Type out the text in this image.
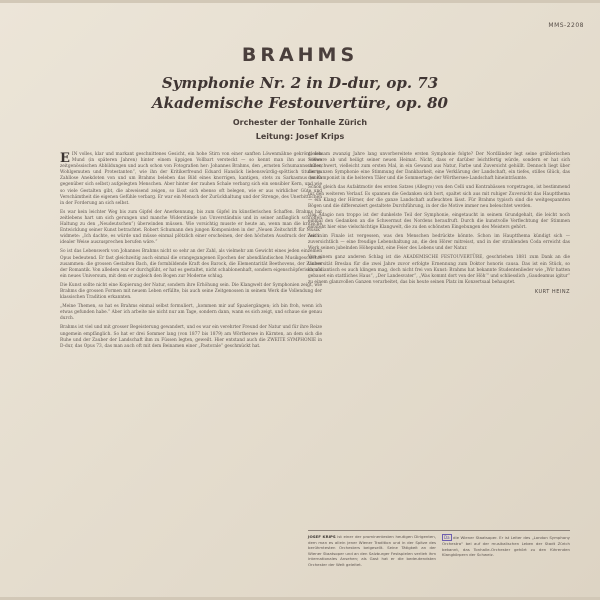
MMS-2208
BRAHMS
Symphonie Nr. 2 in D-dur, op. 73
Akademische Festouvertüre, op. 80
Orchester der Tonhalle Zürich
Leitung: Josef Krips

EIN volles, klar und markant geschnittenes Gesicht, ein hohe Stirn von einer sanften Löwenmähne gekrönt, den Mund (in späteren Jahren) hinter einem üppigen Vollbart versteckt — so kennt man ihn aus vielen zeitgenössischen Abbildungen und auch schon von Fotografien her: Johannes Brahms, den „ernsten Schumannschüler, Wohlgemuten und Protestanten“, wie ihn der Kritikerfreund Eduard Hanslick liebenswürdig-spöttisch titulierte. Zahllose Anekdoten von und um Brahms beleben das Bild eines knorrigen, kantigen, stets zu Sarkasmus (auch gegenüber sich selbst) aufgelegten Menschen. Aber hinter der rauhen Schale verbarg sich ein sensibler Kern, und wie so viele Gestalten gibt, die abweisend zeigen, so lässt sich ebenso oft belegen, wie er aus wirklicher Güte und Verschämtheit die eigenen Gefühle verbarg. Er war ein Mensch der Zurückhaltung und der Strenge, des Unerbittlichen in der Forderung an sich selbst.

Es war kein leichter Weg bis zum Gipfel der Anerkennung, bis zum Gipfel im künstlerischen Schaffen. Brahms hat zeitlebens hart um sich gerungen und manche Widerstände (an Unverständnis und in seiner anfänglich schroffen Haltung zu den „Neudeutschen“) überwinden müssen. Wie vorsichtig musste er heute an, wenn man die kritische Entwicklung seiner Kunst betrachtet. Robert Schumann den jungen Komponisten in der „Neuen Zeitschrift für Musik“ widmete: „Ich dachte, es würde und müsse einmal plötzlich einer erscheinen, der den höchsten Ausdruck der Zeit in idealer Weise auszusprechen berufen wäre.“

So ist das Lebenswerk von Johannes Brahms nicht so sehr an der Zahl, als vielmehr am Gewicht eines jeden einzelnen Opus bedeutend. Er fast gleichzeitig auch einmal die orangegangenen Epochen der abendländischen Musikgeschichte zusammen: die grossen Gestalten Bach, die formbildende Kraft des Barock, die Elementarität Beethovens, der Zauber der Romantik. Von alledem war er durchglüht, er hat es gestaltet, nicht schablonenhaft, sondern eigenschöpferisch, als ein neues Universum, mit dem er zugleich den Bogen zur Moderne schlug.

Die Kunst sollte nicht eine Kopierung der Natur, sondern ihre Erhöhung sein. Die Klangwelt der Symphonien zeigt, wie Brahms die grossen Formen mit neuem Leben erfüllte, bis auch seine Zeitgenossen in seinem Werk die Vollendung der klassischen Tradition erkannten.

„Meine Themen, so hat es Brahms einmal selbst formuliert, „kommen mir auf Spaziergängen; ich bin froh, wenn ich etwas gefunden habe.“ Aber ich arbeite nie nicht nur am Tage, sondern dann, wann es sich zeigt, und schaue sie genau durch.

Brahms ist viel und mit grosser Begeisterung gewandert, und es war ein verehrter Freund der Natur und für ihre Reize ungemein empfänglich. So hat er drei Sommer lang (von 1877 bis 1879) am Wörthersee in Kärnten, an dem sich die Ruhe und der Zauber der Landschaft ihm zu Füssen legten, geweilt. Hier entstand auch die ZWEITE SYMPHONIE in D-dur, das Opus 73, das man auch oft mit dem Beinamen einer „Pastorale“ geschmückt hat.

gleichsam zwanzig Jahre lang unvorbereitete ersten Symphonie folgte? Der Nordländer legt seine grüblerischen Schwere ab und heiligt seiner neuen Heimat. Nicht, dass er darüber leichtfertig würde, sondern er hat sich unbeschwert, vielleicht zum ersten Mal, in ein Gewand aus Natur, Farbe und Zuversicht gehüllt. Dennoch liegt über der ganzen Symphonie eine Stimmung der Dankbarkeit, eine Verklärung der Landschaft, ein tiefes, stilles Glück, das der Komponist in die heiteren Täler und die Sommertage der Wörthersee-Landschaft hineinträumte.

Schon gleich das Aufaktmotiv des ersten Satzes (Allegro) von den Celli und Kontrabässen vorgetragen, ist bestimmend für den weiteren Verlauf. Es spannen die Gedanken sich bort, spaltet sich aus mit ruhiger Zuversicht das Hauptthema — ein Klang der Hörner, der die ganze Landschaft aufleuchten lässt. Für Brahms typisch sind die weitgespannten Bögen und die differenziert gestaltete Durchführung, in der die Motive immer neu beleuchtet werden.

Das Adagio non troppo ist der dunkelste Teil der Symphonie, eingetaucht in seinem Grundgehalt, die leicht noch einmal den Gedanken an die Schwermut des Nordens heraufruft. Durch die kunstvolle Verflechtung der Stimmen entsteht hier eine vielschichtige Klangwelt, die zu den schönsten Eingebungen des Meisters gehört.

Auch im Finale ist vergessen, was den Menschen bedrückte könnte. Schon im Hauptthema kündigt sich — zuversichtlich — eine freudige Lebenshaltung an, die den Hörer mitreisst, und in der strahlenden Coda erreicht das Werk seinen jubelnden Höhepunkt, eine Feier des Lebens und der Natur.

Von einem ganz anderen Schlag ist die AKADEMISCHE FESTOUVERTÜRE, geschrieben 1881 zum Dank an die Universität Breslau für die zwei Jahre zuvor erfolgte Ernennung zum Doktor honoris causa. Das ist ein Stück, so komödiantisch es auch klingen mag, doch nicht frei von Kunst: Brahms hat bekannte Studentenlieder wie „Wir hatten gebauet ein stattliches Haus“, „Der Landesvater“, „Was kommt dort von der Höh’“ und schliesslich „Gaudeamus igitur“ zu einem glanzvollen Ganzen verarbeitet, das bis heute seinen Platz im Konzertsaal behauptet.

KURT HEINZ
JOSEF KRIPS ist einer der prominentesten heutigen Dirigenten, dem man es allein jener Wiener Tradition und in der Spitze des berühmtesten Orchesters beigesellt. Seine Tätigkeit an der Wiener Staatsoper und an den Salzburger Festspielen verlieh ihm internationales Ansehen; als Gast hat er die bedeutendsten Orchester der Welt geleitet.
Da die Wiener Staatsoper. Er ist Leiter des „London Symphony Orchestra“ bei auf der musikalischen Leben der Stadt Zürich bekannt, das Tonhalle-Orchester gehört zu den führenden Klangkörpern der Schweiz.
